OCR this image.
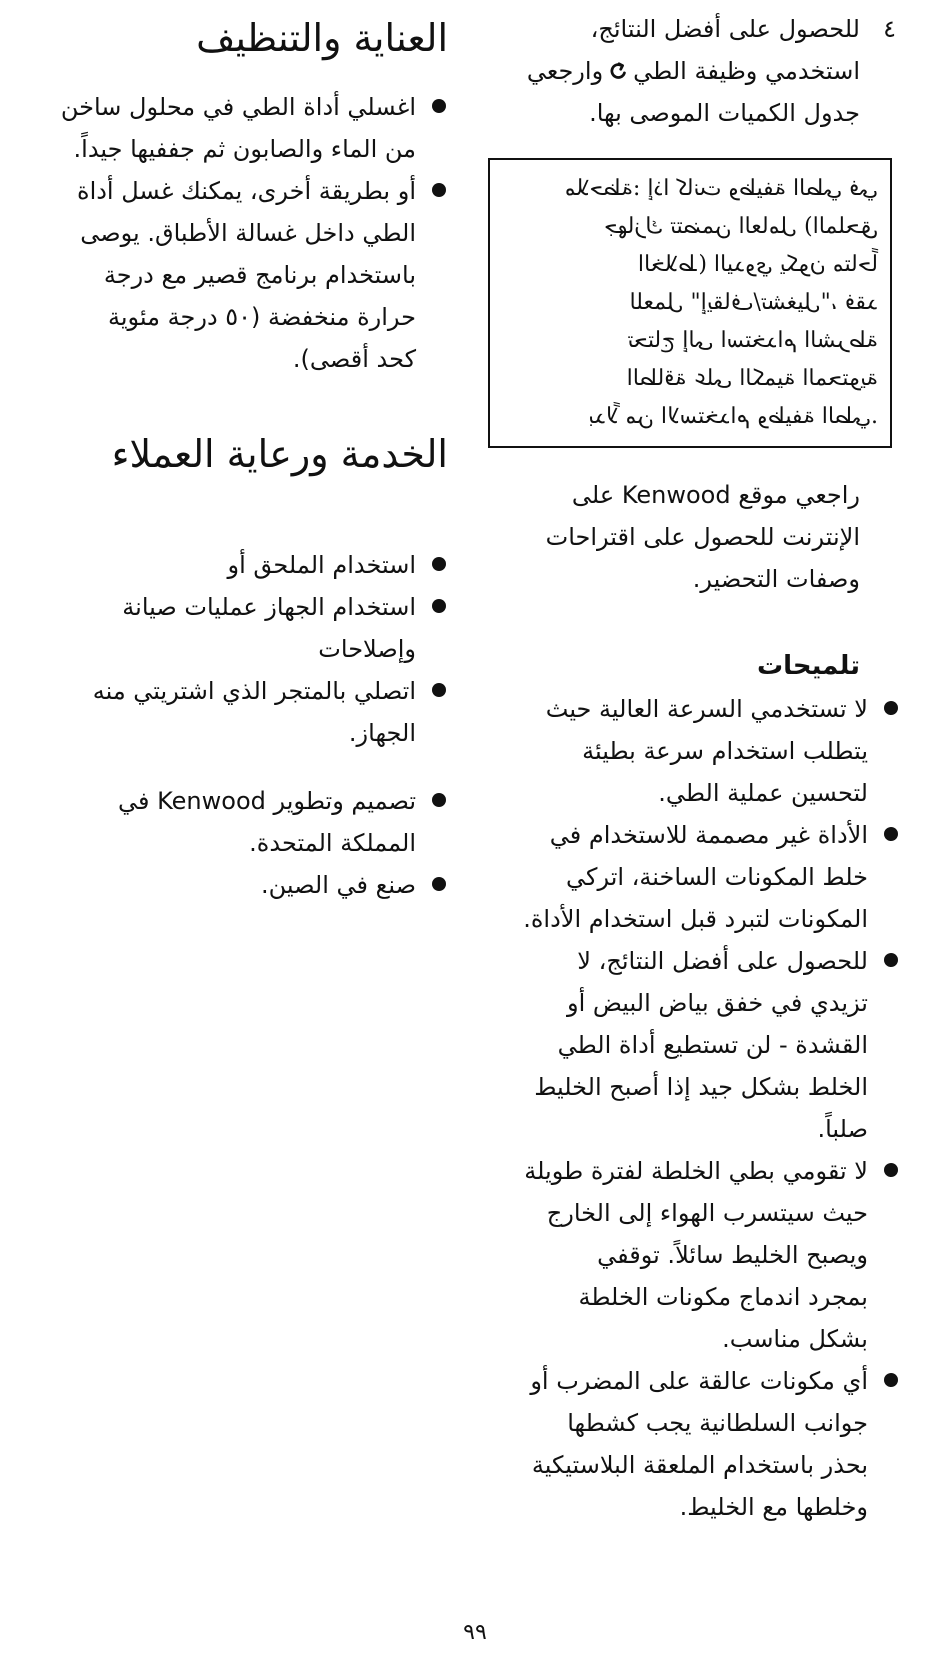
٤

للحصول على أفضل النتائج،

استخدمي وظيفة الطيوارجعي

جدول الكميات الموصى بها.

ملاحظة: إذا كانت وظيفة الطي في

جهازك تتضمن العامل (الملحق

الخلاط) اليدوي يكون متاحاً

للعمل "إيقاف/تشغيل"، فقد

تحتاج إلى استخدام الشرطة

الطاقة على الكمية المحتوية

بدلاً من الاستخدام وظيفة الطي.

راجعي موقع Kenwood على

الإنترنت للحصول على اقتراحات

وصفات التحضير.

تلميحات

لا تستخدمي السرعة العالية حيث

يتطلب استخدام سرعة بطيئة

لتحسين عملية الطي.

الأداة غير مصممة للاستخدام في

خلط المكونات الساخنة، اتركي

المكونات لتبرد قبل استخدام الأداة.

للحصول على أفضل النتائج، لا

تزيدي في خفق بياض البيض أو

القشدة - لن تستطيع أداة الطي

الخلط بشكل جيد إذا أصبح الخليط

صلباً.

لا تقومي بطي الخلطة لفترة طويلة

حيث سيتسرب الهواء إلى الخارج

ويصبح الخليط سائلاً. توقفي

بمجرد اندماج مكونات الخلطة

بشكل مناسب.

أي مكونات عالقة على المضرب أو

جوانب السلطانية يجب كشطها

بحذر باستخدام الملعقة البلاستيكية

وخلطها مع الخليط.

العناية والتنظيف

اغسلي أداة الطي في محلول ساخن

من الماء والصابون ثم جففيها جيداً.

أو بطريقة أخرى، يمكنك غسل أداة

الطي داخل غسالة الأطباق. يوصى

باستخدام برنامج قصير مع درجة

حرارة منخفضة (٥٠ درجة مئوية

كحد أقصى).

الخدمة ورعاية العملاء

استخدام الملحق أو

استخدام الجهاز عمليات صيانة

وإصلاحات

اتصلي بالمتجر الذي اشتريتي منه

الجهاز.

تصميم وتطوير Kenwood في

المملكة المتحدة.

صنع في الصين.

٩٩
